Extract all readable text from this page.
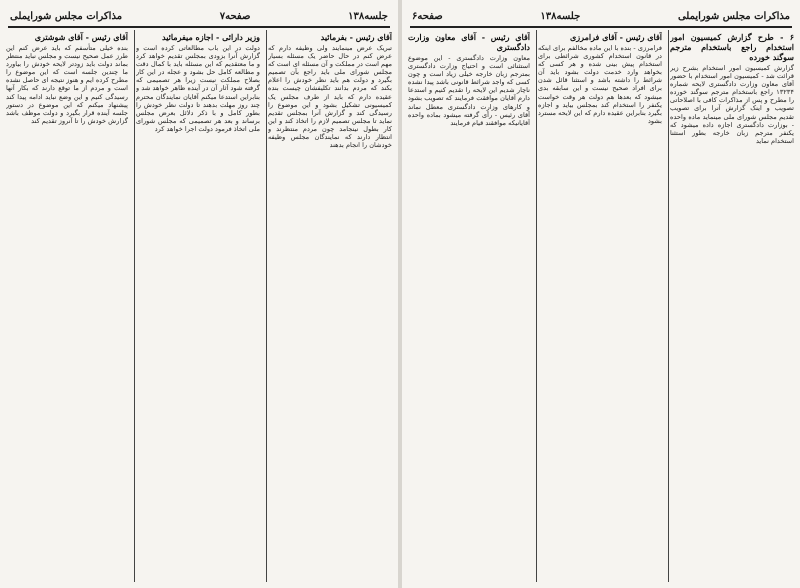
جلسه۱۳۸
صفحه۷
مذاکرات مجلس شورایملی
آقای رئیس - بفرمائید

تبریک عرض مینمایند ولی وظیفه دارم که عرض کنم در حال حاضر یک مسئله بسیار مهم است در مملکت و آن مسئله ای است که مجلس شورای ملی باید راجع بآن تصمیم بگیرد و دولت هم باید نظر خودش را اعلام بکند که مردم بدانند تکلیفشان چیست بنده عقیده دارم که باید از طرف مجلس یک کمیسیونی تشکیل بشود و این موضوع را رسیدگی کند و گزارش آنرا بمجلس تقدیم نماید تا مجلس تصمیم لازم را اتخاذ کند و این کار بطول نینجامد چون مردم منتظرند و انتظار دارند که نمایندگان مجلس وظیفه خودشان را انجام بدهند

وزیر دارائی - اجازه میفرمائید

دولت در این باب مطالعاتی کرده است و گزارش آنرا بزودی بمجلس تقدیم خواهد کرد و ما معتقدیم که این مسئله باید با کمال دقت و مطالعه کامل حل بشود و عجله در این کار بصلاح مملکت نیست زیرا هر تصمیمی که گرفته شود آثار آن در آینده ظاهر خواهد شد و بنابراین استدعا میکنم آقایان نمایندگان محترم چند روز مهلت بدهند تا دولت نظر خودش را بطور کامل و با ذکر دلائل بعرض مجلس برساند و بعد هر تصمیمی که مجلس شورای ملی اتخاذ فرمود دولت اجرا خواهد کرد

آقای رئیس - آقای شوشتری

بنده خیلی متأسفم که باید عرض کنم این طرز عمل صحیح نیست و مجلس نباید منتظر بماند دولت باید زودتر لایحه خودش را بیاورد ما چندین جلسه است که این موضوع را مطرح کرده ایم و هنوز نتیجه ای حاصل نشده است و مردم از ما توقع دارند که بکار آنها رسیدگی کنیم و این وضع نباید ادامه پیدا کند پیشنهاد میکنم که این موضوع در دستور جلسه آینده قرار بگیرد و دولت موظف باشد گزارش خودش را تا آنروز تقدیم کند

مذاکرات مجلس شورایملی
جلسه۱۳۸
صفحه۶
۶ - طرح گزارش کمیسیون امور استخدام راجع باستخدام مترجم سوگند خورده

گزارش کمیسیون امور استخدام بشرح زیر قرائت شد - کمیسیون امور استخدام با حضور آقای معاون وزارت دادگستری لایحه شماره ۱۳۲۳۴ راجع باستخدام مترجم سوگند خورده را مطرح و پس از مذاکرات کافی با اصلاحاتی تصویب و اینک گزارش آنرا برای تصویب تقدیم مجلس شورای ملی مینماید ماده واحده - بوزارت دادگستری اجازه داده میشود که یکنفر مترجم زبان خارجه بطور استثنا استخدام نماید

آقای رئیس - آقای فرامرزی

فرامرزی - بنده با این ماده مخالفم برای اینکه در قانون استخدام کشوری شرائطی برای استخدام پیش بینی شده و هر کسی که بخواهد وارد خدمت دولت بشود باید آن شرائط را داشته باشد و استثنا قائل شدن برای افراد صحیح نیست و این سابقه بدی میشود که بعدها هم دولت هر وقت خواست یکنفر را استخدام کند بمجلس بیاید و اجازه بگیرد بنابراین عقیده دارم که این لایحه مسترد بشود

آقای رئیس - آقای معاون وزارت دادگستری

معاون وزارت دادگستری - این موضوع استثنائی است و احتیاج وزارت دادگستری بمترجم زبان خارجه خیلی زیاد است و چون کسی که واجد شرائط قانونی باشد پیدا نشده ناچار شدیم این لایحه را تقدیم کنیم و استدعا دارم آقایان موافقت فرمایند که تصویب بشود و کارهای وزارت دادگستری معطل نماند آقای رئیس - رأی گرفته میشود بماده واحده آقایانیکه موافقند قیام فرمایند
